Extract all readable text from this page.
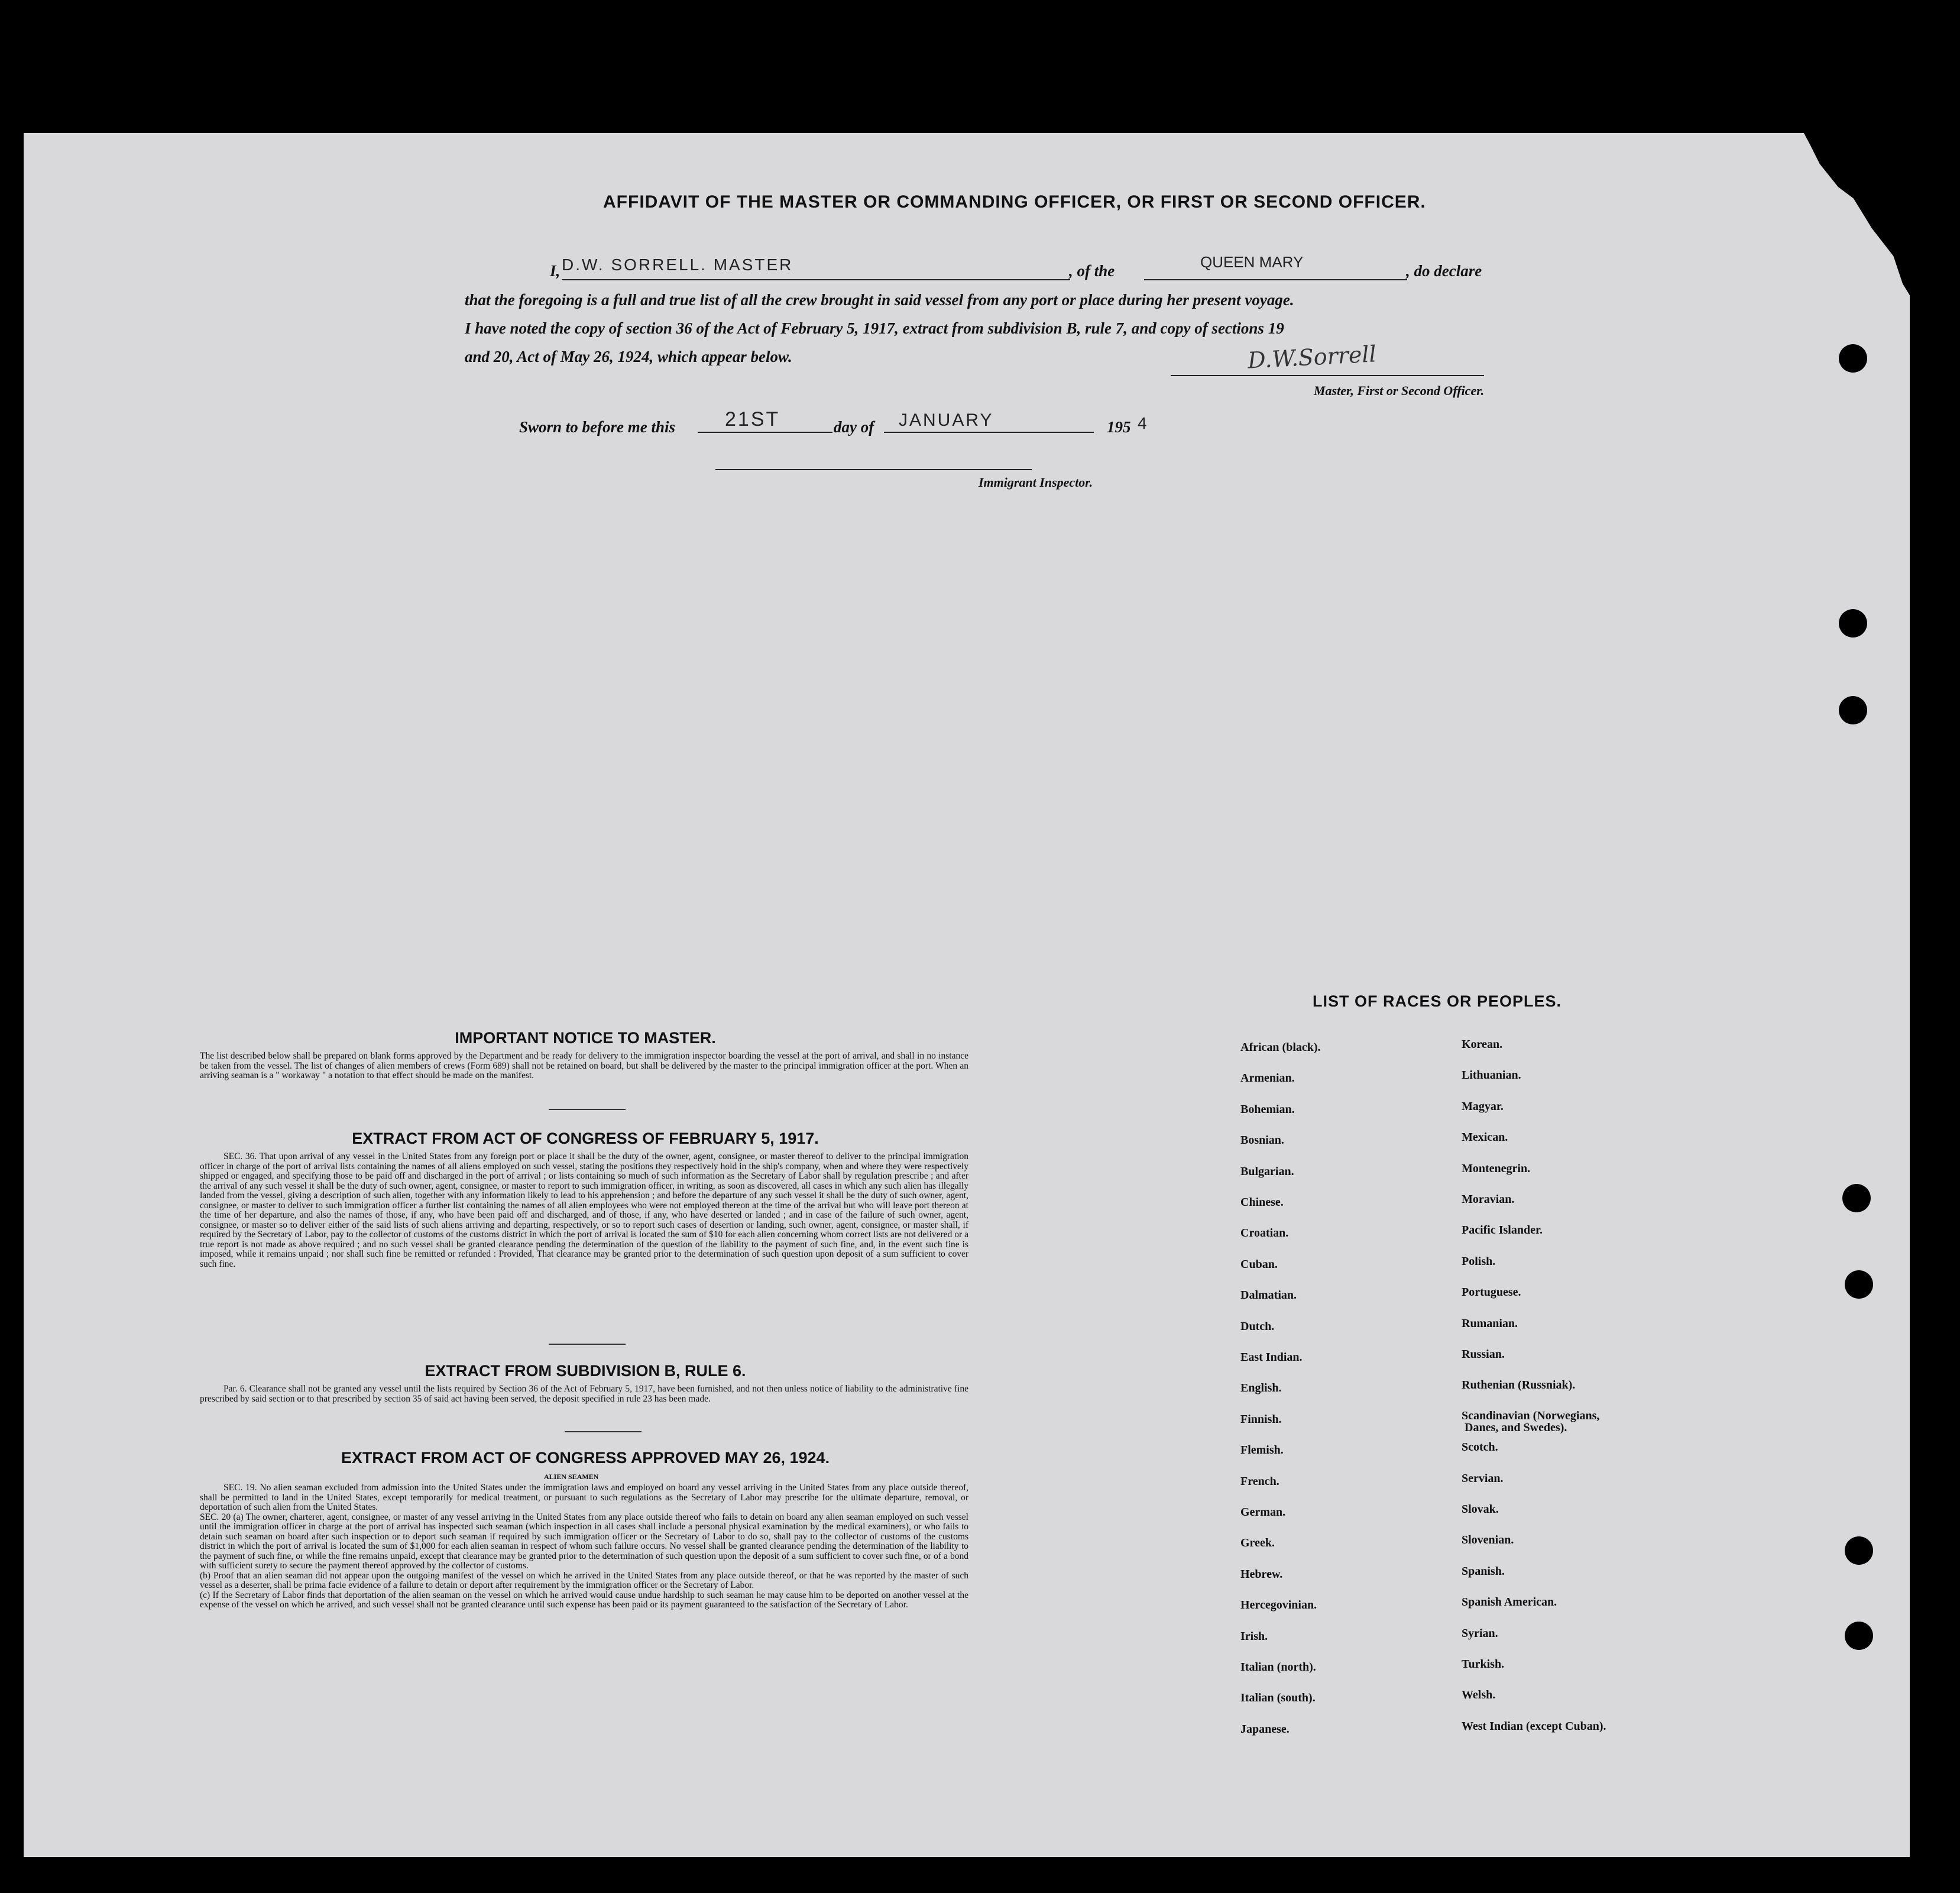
AFFIDAVIT OF THE MASTER OR COMMANDING OFFICER, OR FIRST OR SECOND OFFICER.
I, D.W. SORRELL. MASTER	, of the	QUEEN MARY	, do declare
that the foregoing is a full and true list of all the crew brought in said vessel from any port or place during her present voyage.
I have noted the copy of section 36 of the Act of February 5, 1917, extract from subdivision B, rule 7, and copy of sections 19
and 20, Act of May 26, 1924, which appear below.	D.W.Sorrell
Master, First or Second Officer.
Sworn to before me this 21ST	day of JANUARY	195 4
Immigrant Inspector.
IMPORTANT NOTICE TO MASTER.
The list described below shall be prepared on blank forms approved by the Department and be ready for delivery to the immigration inspector boarding the vessel at the port of arrival, and shall in no instance be taken from the vessel. The list of changes of alien members of crews (Form 689) shall not be retained on board, but shall be delivered by the master to the principal immigration officer at the port. When an arriving seaman is a " workaway " a notation to that effect should be made on the manifest.
EXTRACT FROM ACT OF CONGRESS OF FEBRUARY 5, 1917.
SEC. 36. That upon arrival of any vessel in the United States from any foreign port or place it shall be the duty of the owner, agent, consignee, or master thereof to deliver to the principal immigration officer in charge of the port of arrival lists containing the names of all aliens employed on such vessel, stating the positions they respectively hold in the ship's company, when and where they were respectively shipped or engaged, and specifying those to be paid off and discharged in the port of arrival ; or lists containing so much of such information as the Secretary of Labor shall by regulation prescribe ; and after the arrival of any such vessel it shall be the duty of such owner, agent, consignee, or master to report to such immigration officer, in writing, as soon as discovered, all cases in which any such alien has illegally landed from the vessel, giving a description of such alien, together with any information likely to lead to his apprehension ; and before the departure of any such vessel it shall be the duty of such owner, agent, consignee, or master to deliver to such immigration officer a further list containing the names of all alien employees who were not employed thereon at the time of the arrival but who will leave port thereon at the time of her departure, and also the names of those, if any, who have been paid off and discharged, and of those, if any, who have deserted or landed ; and in case of the failure of such owner, agent, consignee, or master so to deliver either of the said lists of such aliens arriving and departing, respectively, or so to report such cases of desertion or landing, such owner, agent, consignee, or master shall, if required by the Secretary of Labor, pay to the collector of customs of the customs district in which the port of arrival is located the sum of $10 for each alien concerning whom correct lists are not delivered or a true report is not made as above required ; and no such vessel shall be granted clearance pending the determination of the question of the liability to the payment of such fine, and, in the event such fine is imposed, while it remains unpaid ; nor shall such fine be remitted or refunded : Provided, That clearance may be granted prior to the determination of such question upon deposit of a sum sufficient to cover such fine.
EXTRACT FROM SUBDIVISION B, RULE 6.
Par. 6. Clearance shall not be granted any vessel until the lists required by Section 36 of the Act of February 5, 1917, have been furnished, and not then unless notice of liability to the administrative fine prescribed by said section or to that prescribed by section 35 of said act having been served, the deposit specified in rule 23 has been made.
EXTRACT FROM ACT OF CONGRESS APPROVED MAY 26, 1924.
ALIEN SEAMEN
SEC. 19. No alien seaman excluded from admission into the United States under the immigration laws and employed on board any vessel arriving in the United States from any place outside thereof, shall be permitted to land in the United States, except temporarily for medical treatment, or pursuant to such regulations as the Secretary of Labor may prescribe for the ultimate departure, removal, or deportation of such alien from the United States.
SEC. 20 (a) The owner, charterer, agent, consignee, or master of any vessel arriving in the United States from any place outside thereof who fails to detain on board any alien seaman employed on such vessel until the immigration officer in charge at the port of arrival has inspected such seaman (which inspection in all cases shall include a personal physical examination by the medical examiners), or who fails to detain such seaman on board after such inspection or to deport such seaman if required by such immigration officer or the Secretary of Labor to do so, shall pay to the collector of customs of the customs district in which the port of arrival is located the sum of $1,000 for each alien seaman in respect of whom such failure occurs. No vessel shall be granted clearance pending the determination of the liability to the payment of such fine, or while the fine remains unpaid, except that clearance may be granted prior to the determination of such question upon the deposit of a sum sufficient to cover such fine, or of a bond with sufficient surety to secure the payment thereof approved by the collector of customs.
(b) Proof that an alien seaman did not appear upon the outgoing manifest of the vessel on which he arrived in the United States from any place outside thereof, or that he was reported by the master of such vessel as a deserter, shall be prima facie evidence of a failure to detain or deport after requirement by the immigration officer or the Secretary of Labor.
(c) If the Secretary of Labor finds that deportation of the alien seaman on the vessel on which he arrived would cause undue hardship to such seaman he may cause him to be deported on another vessel at the expense of the vessel on which he arrived, and such vessel shall not be granted clearance until such expense has been paid or its payment guaranteed to the satisfaction of the Secretary of Labor.
LIST OF RACES OR PEOPLES.
African (black).
Armenian.
Bohemian.
Bosnian.
Bulgarian.
Chinese.
Croatian.
Cuban.
Dalmatian.
Dutch.
East Indian.
English.
Finnish.
Flemish.
French.
German.
Greek.
Hebrew.
Hercegovinian.
Irish.
Italian (north).
Italian (south).
Japanese.
Korean.
Lithuanian.
Magyar.
Mexican.
Montenegrin.
Moravian.
Pacific Islander.
Polish.
Portuguese.
Rumanian.
Russian.
Ruthenian (Russniak).
Scandinavian (Norwegians,
Danes, and Swedes).
Scotch.
Servian.
Slovak.
Slovenian.
Spanish.
Spanish American.
Syrian.
Turkish.
Welsh.
West Indian (except Cuban).
